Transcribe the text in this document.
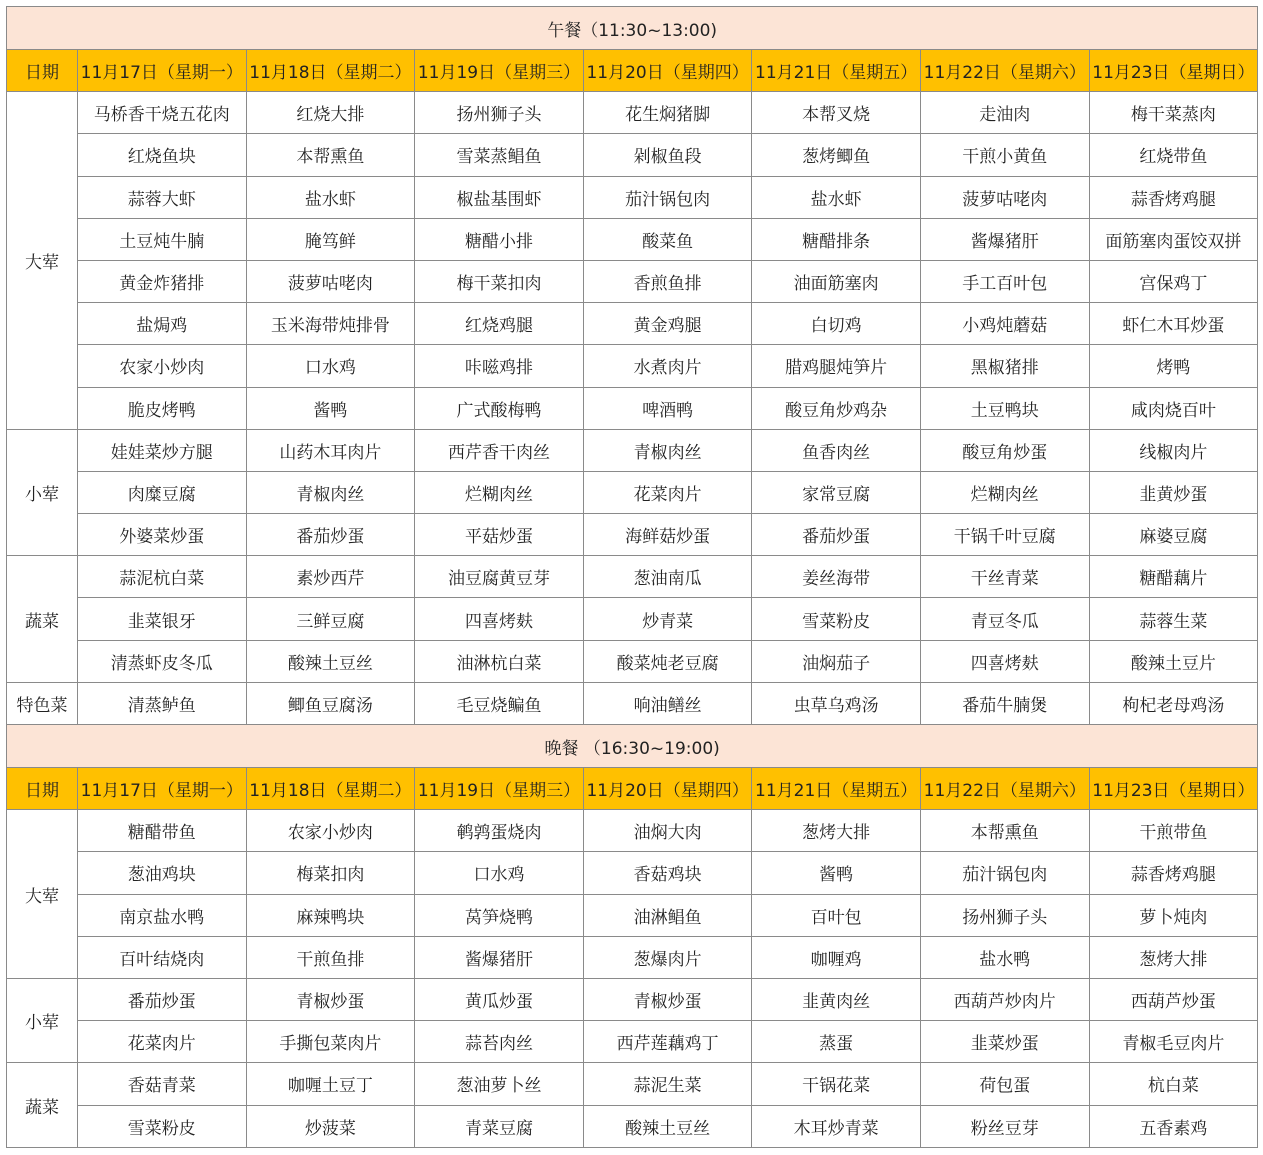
午餐（11:30~13:00)							
日期	11月17日（星期一）	11月18日（星期二）	11月19日（星期三）	11月20日（星期四）	11月21日（星期五）	11月22日（星期六）	11月23日（星期日）
大荤	马桥香干烧五花肉	红烧大排	扬州狮子头	花生焖猪脚	本帮叉烧	走油肉	梅干菜蒸肉
	红烧鱼块	本帮熏鱼	雪菜蒸鲳鱼	剁椒鱼段	葱烤鲫鱼	干煎小黄鱼	红烧带鱼
	蒜蓉大虾	盐水虾	椒盐基围虾	茄汁锅包肉	盐水虾	菠萝咕咾肉	蒜香烤鸡腿
	土豆炖牛腩	腌笃鲜	糖醋小排	酸菜鱼	糖醋排条	酱爆猪肝	面筋塞肉蛋饺双拼
	黄金炸猪排	菠萝咕咾肉	梅干菜扣肉	香煎鱼排	油面筋塞肉	手工百叶包	宫保鸡丁
	盐焗鸡	玉米海带炖排骨	红烧鸡腿	黄金鸡腿	白切鸡	小鸡炖蘑菇	虾仁木耳炒蛋
	农家小炒肉	口水鸡	咔嗞鸡排	水煮肉片	腊鸡腿炖笋片	黑椒猪排	烤鸭
	脆皮烤鸭	酱鸭	广式酸梅鸭	啤酒鸭	酸豆角炒鸡杂	土豆鸭块	咸肉烧百叶
小荤	娃娃菜炒方腿	山药木耳肉片	西芹香干肉丝	青椒肉丝	鱼香肉丝	酸豆角炒蛋	线椒肉片
	肉糜豆腐	青椒肉丝	烂糊肉丝	花菜肉片	家常豆腐	烂糊肉丝	韭黄炒蛋
	外婆菜炒蛋	番茄炒蛋	平菇炒蛋	海鲜菇炒蛋	番茄炒蛋	干锅千叶豆腐	麻婆豆腐
蔬菜	蒜泥杭白菜	素炒西芹	油豆腐黄豆芽	葱油南瓜	姜丝海带	干丝青菜	糖醋藕片
	韭菜银牙	三鲜豆腐	四喜烤麸	炒青菜	雪菜粉皮	青豆冬瓜	蒜蓉生菜
	清蒸虾皮冬瓜	酸辣土豆丝	油淋杭白菜	酸菜炖老豆腐	油焖茄子	四喜烤麸	酸辣土豆片
特色菜	清蒸鲈鱼	鲫鱼豆腐汤	毛豆烧鳊鱼	响油鳝丝	虫草乌鸡汤	番茄牛腩煲	枸杞老母鸡汤
晚餐 （16:30~19:00)							
日期	11月17日（星期一）	11月18日（星期二）	11月19日（星期三）	11月20日（星期四）	11月21日（星期五）	11月22日（星期六）	11月23日（星期日）
大荤	糖醋带鱼	农家小炒肉	鹌鹑蛋烧肉	油焖大肉	葱烤大排	本帮熏鱼	干煎带鱼
	葱油鸡块	梅菜扣肉	口水鸡	香菇鸡块	酱鸭	茄汁锅包肉	蒜香烤鸡腿
	南京盐水鸭	麻辣鸭块	莴笋烧鸭	油淋鲳鱼	百叶包	扬州狮子头	萝卜炖肉
	百叶结烧肉	干煎鱼排	酱爆猪肝	葱爆肉片	咖喱鸡	盐水鸭	葱烤大排
小荤	番茄炒蛋	青椒炒蛋	黄瓜炒蛋	青椒炒蛋	韭黄肉丝	西葫芦炒肉片	西葫芦炒蛋
	花菜肉片	手撕包菜肉片	蒜苔肉丝	西芹莲藕鸡丁	蒸蛋	韭菜炒蛋	青椒毛豆肉片
蔬菜	香菇青菜	咖喱土豆丁	葱油萝卜丝	蒜泥生菜	干锅花菜	荷包蛋	杭白菜
	雪菜粉皮	炒菠菜	青菜豆腐	酸辣土豆丝	木耳炒青菜	粉丝豆芽	五香素鸡
